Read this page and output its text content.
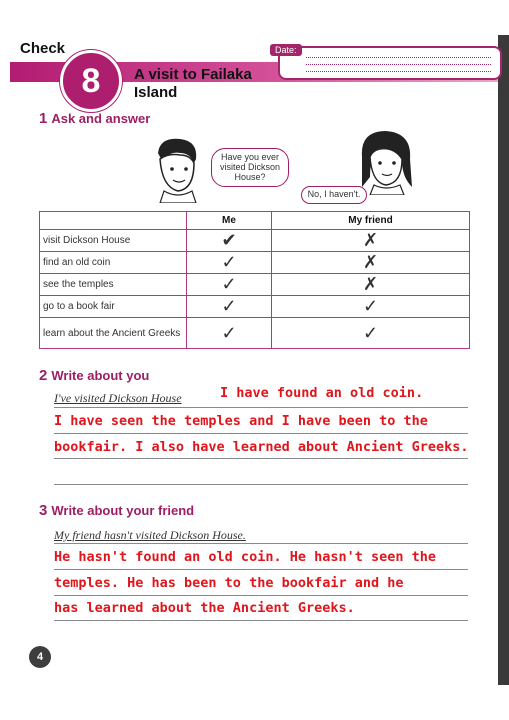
Check
8	A visit to Failaka
Island
Date:
1 Ask and answer
Have you ever visited Dickson House?
No, I haven't.
	Me	My friend
visit Dickson House	✔	✗
find an old coin	✓	✗
see the temples	✓	✗
go to a book fair	✓	✓
learn about the Ancient Greeks	✓	✓
2 Write about you
I've visited Dickson House	I have found an old coin.
I have seen the temples and I have been to the
bookfair. I also have learned about Ancient Greeks.
3 Write about your friend
My friend hasn't visited Dickson House.
He hasn't found an old coin. He hasn't seen the
temples. He has been to the bookfair and he
has learned about the Ancient Greeks.
4
